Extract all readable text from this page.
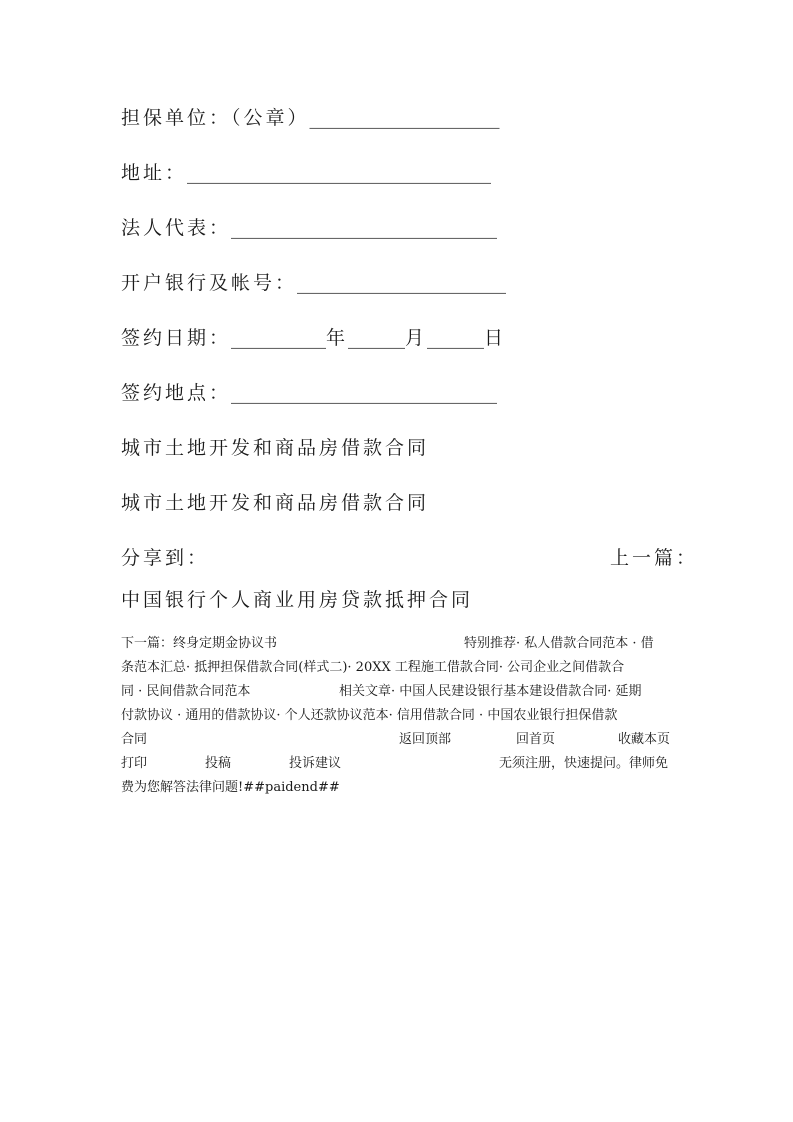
担保单位：（公章）____________________
地址：________________________________
法人代表：____________________________
开户银行及帐号：______________________
签约日期：__________年______月______日
签约地点：____________________________
城市土地开发和商品房借款合同
城市土地开发和商品房借款合同
分享到：	上一篇：
中国银行个人商业用房贷款抵押合同
下一篇：终身定期金协议书	特别推荐· 私人借款合同范本 · 借
条范本汇总· 抵押担保借款合同(样式二)· 20XX 工程施工借款合同· 公司企业之间借款合
同 · 民间借款合同范本	相关文章· 中国人民建设银行基本建设借款合同· 延期
付款协议 · 通用的借款协议· 个人还款协议范本· 信用借款合同 · 中国农业银行担保借款
合同	返回顶部	回首页	收藏本页
打印	投稿	投诉建议	无须注册，快速提问。律师免
费为您解答法律问题!##paidend##
